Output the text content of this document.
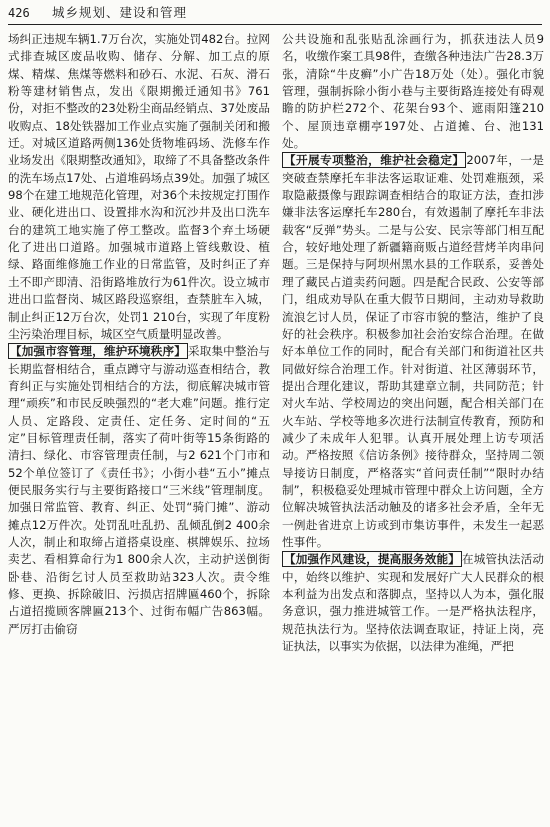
426 城乡规划、建设和管理

场纠正违规车辆1.7万台次，实施处罚482台。拉网式排查城区废品收购、储存、分解、加工点的原煤、精煤、焦煤等燃料和砂石、水泥、石灰、滑石粉等建材销售点，发出《限期搬迁通知书》761份，对拒不整改的23处粉尘商品经销点、37处废品收购点、18处铁器加工作业点实施了强制关闭和搬迁。对城区道路两侧136处货物堆码场、洗修车作业场发出《限期整改通知》，取缔了不具备整改条件的洗车场点17处、占道堆码场点39处。加强了城区98个在建工地规范化管理，对36个未按规定打围作业、硬化进出口、设置排水沟和沉沙井及出口洗车台的建筑工地实施了停工整改。监督3个弃土场硬化了进出口道路。加强城市道路上管线敷设、植绿、路面维修施工作业的日常监管，及时纠正了弃土不即产即清、沿街路堆放行为61件次。设立城市进出口监督岗、城区路段巡察组，查禁脏车入城，制止纠正12万台次，处罚1 210台，实现了年度粉尘污染治理目标，城区空气质量明显改善。

【加强市容管理，维护环境秩序】 采取集中整治与长期监督相结合，重点蹲守与游动巡查相结合，教育纠正与实施处罚相结合的方法，彻底解决城市管理“顽疾”和市民反映强烈的“老大难”问题。推行定人员、定路段、定责任、定任务、定时间的“五定”目标管理责任制，落实了荷叶街等15条街路的清扫、绿化、市容管理责任制，与2 621个门市和52个单位签订了《责任书》；小街小巷“五小”摊点便民服务实行与主要街路接口“三米线”管理制度。加强日常监管、教育、纠正、处罚“骑门摊”、游动摊点12万件次。处罚乱吐乱扔、乱倾乱倒2 400余人次，制止和取缔占道搭桌设座、棋牌娱乐、拉场卖艺、看相算命行为1 800余人次，主动护送倒街卧巷、沿街乞讨人员至救助站323人次。责令维修、更换、拆除破旧、污损店招牌匾460个，拆除占道招揽顾客牌匾213个、过街布幅广告863幅。严厉打击偷窃

公共设施和乱张贴乱涂画行为，抓获违法人员9名，收缴作案工具98件，查缴各种违法广告28.3万张，清除“牛皮癣”小广告18万处（处）。强化市貌管理，强制拆除小街小巷与主要街路连接处有碍观瞻的防护栏272个、花架台93个、遮雨阳篷210个、屋顶违章棚亭197处、占道摊、台、池131处。

【开展专项整治，维护社会稳定】 2007年，一是突破查禁摩托车非法客运取证难、处罚难瓶颈，采取隐蔽摄像与跟踪调查相结合的取证方法，查扣涉嫌非法客运摩托车280台，有效遏制了摩托车非法载客“反弹”势头。二是与公安、民宗等部门相互配合，较好地处理了新疆籍商贩占道经营烤羊肉串问题。三是保持与阿坝州黑水县的工作联系，妥善处理了藏民占道卖药问题。四是配合民政、公安等部门，组成劝导队在重大假节日期间，主动劝导救助流浪乞讨人员，保证了市容市貌的整洁，维护了良好的社会秩序。积极参加社会治安综合治理。在做好本单位工作的同时，配合有关部门和街道社区共同做好综合治理工作。针对街道、社区薄弱环节，提出合理化建议，帮助其建章立制，共同防范；针对火车站、学校周边的突出问题，配合相关部门在火车站、学校等地多次进行法制宣传教育，预防和减少了未成年人犯罪。认真开展处理上访专项活动。严格按照《信访条例》接待群众，坚持周二领导接访日制度，严格落实“首问责任制”“限时办结制”，积极稳妥处理城市管理中群众上访问题，全方位解决城管执法活动触及的诸多社会矛盾，全年无一例赴省进京上访或到市集访事件，未发生一起恶性事件。

【加强作风建设，提高服务效能】 在城管执法活动中，始终以维护、实现和发展好广大人民群众的根本利益为出发点和落脚点，坚持以人为本，强化服务意识，强力推进城管工作。一是严格执法程序，规范执法行为。坚持依法调查取证，持证上岗，亮证执法，以事实为依据，以法律为准绳，严把
